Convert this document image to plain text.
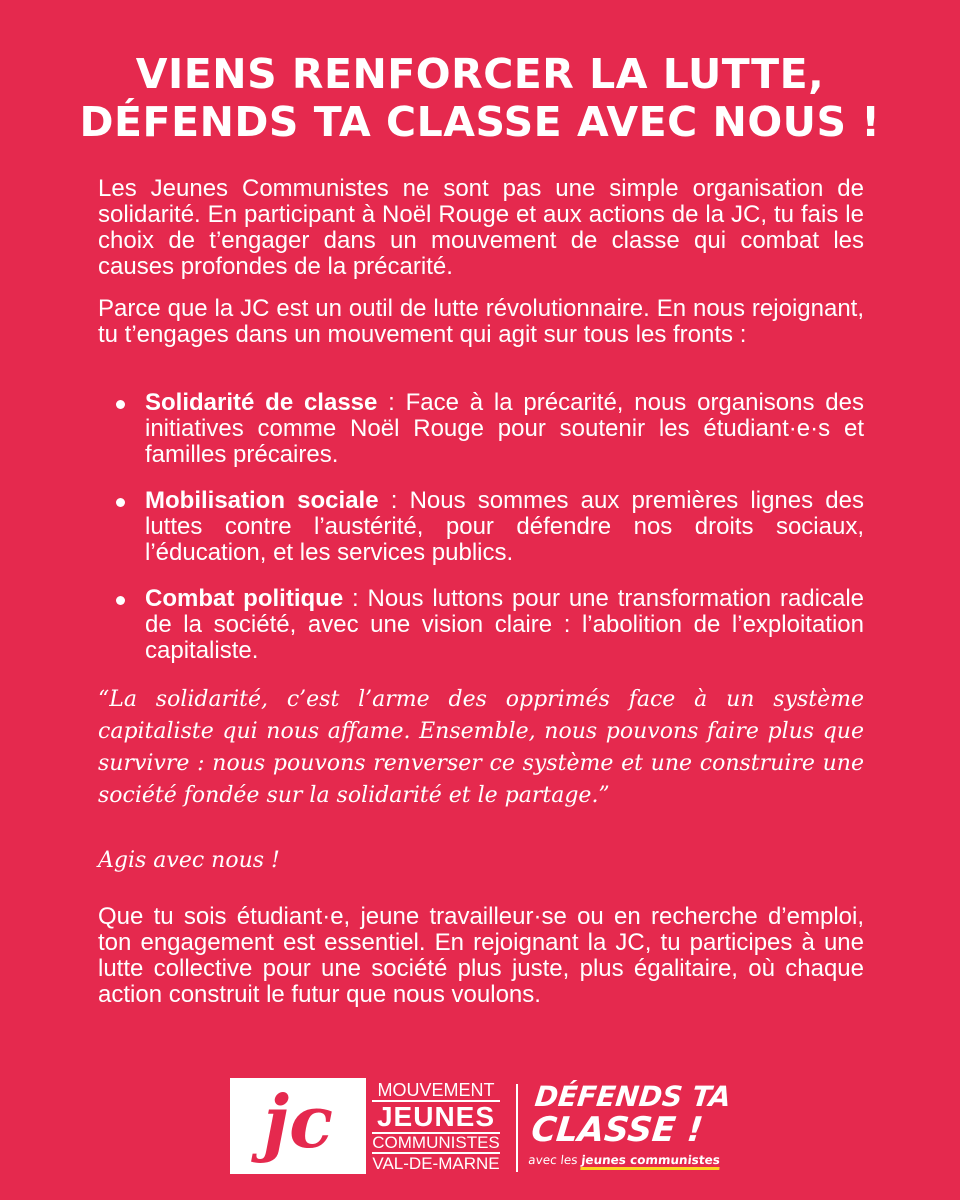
VIENS RENFORCER LA LUTTE,
DÉFENDS TA CLASSE AVEC NOUS !

Les Jeunes Communistes ne sont pas une simple organisation de solidarité. En participant à Noël Rouge et aux actions de la JC, tu fais le choix de t’engager dans un mouvement de classe qui combat les causes profondes de la précarité.

Parce que la JC est un outil de lutte révolutionnaire. En nous rejoignant, tu t’engages dans un mouvement qui agit sur tous les fronts :

Solidarité de classe : Face à la précarité, nous organisons des initiatives comme Noël Rouge pour soutenir les étudiant·e·s et familles précaires.
Mobilisation sociale : Nous sommes aux premières lignes des luttes contre l’austérité, pour défendre nos droits sociaux, l’éducation, et les services publics.
Combat politique : Nous luttons pour une transformation radicale de la société, avec une vision claire : l’abolition de l’exploitation capitaliste.

“La solidarité, c’est l’arme des opprimés face à un système capitaliste qui nous affame. Ensemble, nous pouvons faire plus que survivre : nous pouvons renverser ce système et une construire une société fondée sur la solidarité et le partage.”

Agis avec nous !

Que tu sois étudiant·e, jeune travailleur·se ou en recherche d’emploi, ton engagement est essentiel. En rejoignant la JC, tu participes à une lutte collective pour une société plus juste, plus égalitaire, où chaque action construit le futur que nous voulons.

jc	MOUVEMENT
JEUNES
COMMUNISTES
VAL-DE-MARNE
DÉFENDS TA
CLASSE !
avec les jeunes communistes
